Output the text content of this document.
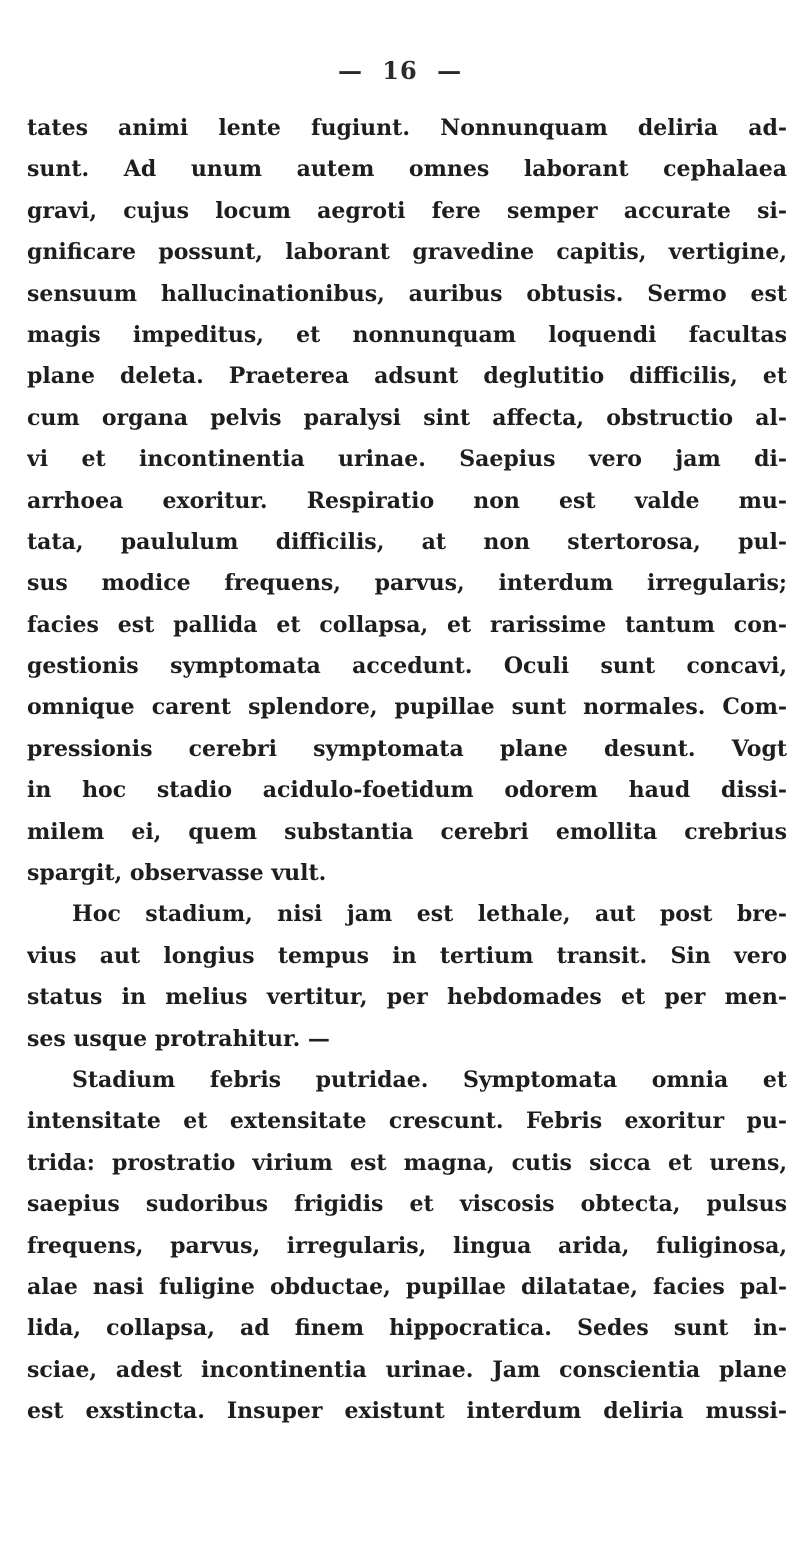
— 16 —
tates animi lente fugiunt. Nonnunquam deliria ad-
sunt. Ad unum autem omnes laborant cephalaea
gravi, cujus locum aegroti fere semper accurate si-
gnificare possunt, laborant gravedine capitis, vertigine,
sensuum hallucinationibus, auribus obtusis. Sermo est
magis impeditus, et nonnunquam loquendi facultas
plane deleta. Praeterea adsunt deglutitio difficilis, et
cum organa pelvis paralysi sint affecta, obstructio al-
vi et incontinentia urinae. Saepius vero jam di-
arrhoea exoritur. Respiratio non est valde mu-
tata, paululum difficilis, at non stertorosa, pul-
sus modice frequens, parvus, interdum irregularis;
facies est pallida et collapsa, et rarissime tantum con-
gestionis symptomata accedunt. Oculi sunt concavi,
omnique carent splendore, pupillae sunt normales. Com-
pressionis cerebri symptomata plane desunt. Vogt
in hoc stadio acidulo-foetidum odorem haud dissi-
milem ei, quem substantia cerebri emollita crebrius
spargit, observasse vult.
Hoc stadium, nisi jam est lethale, aut post bre-
vius aut longius tempus in tertium transit. Sin vero
status in melius vertitur, per hebdomades et per men-
ses usque protrahitur. —
Stadium febris putridae. Symptomata omnia et
intensitate et extensitate crescunt. Febris exoritur pu-
trida: prostratio virium est magna, cutis sicca et urens,
saepius sudoribus frigidis et viscosis obtecta, pulsus
frequens, parvus, irregularis, lingua arida, fuliginosa,
alae nasi fuligine obductae, pupillae dilatatae, facies pal-
lida, collapsa, ad finem hippocratica. Sedes sunt in-
sciae, adest incontinentia urinae. Jam conscientia plane
est exstincta. Insuper existunt interdum deliria mussi-
